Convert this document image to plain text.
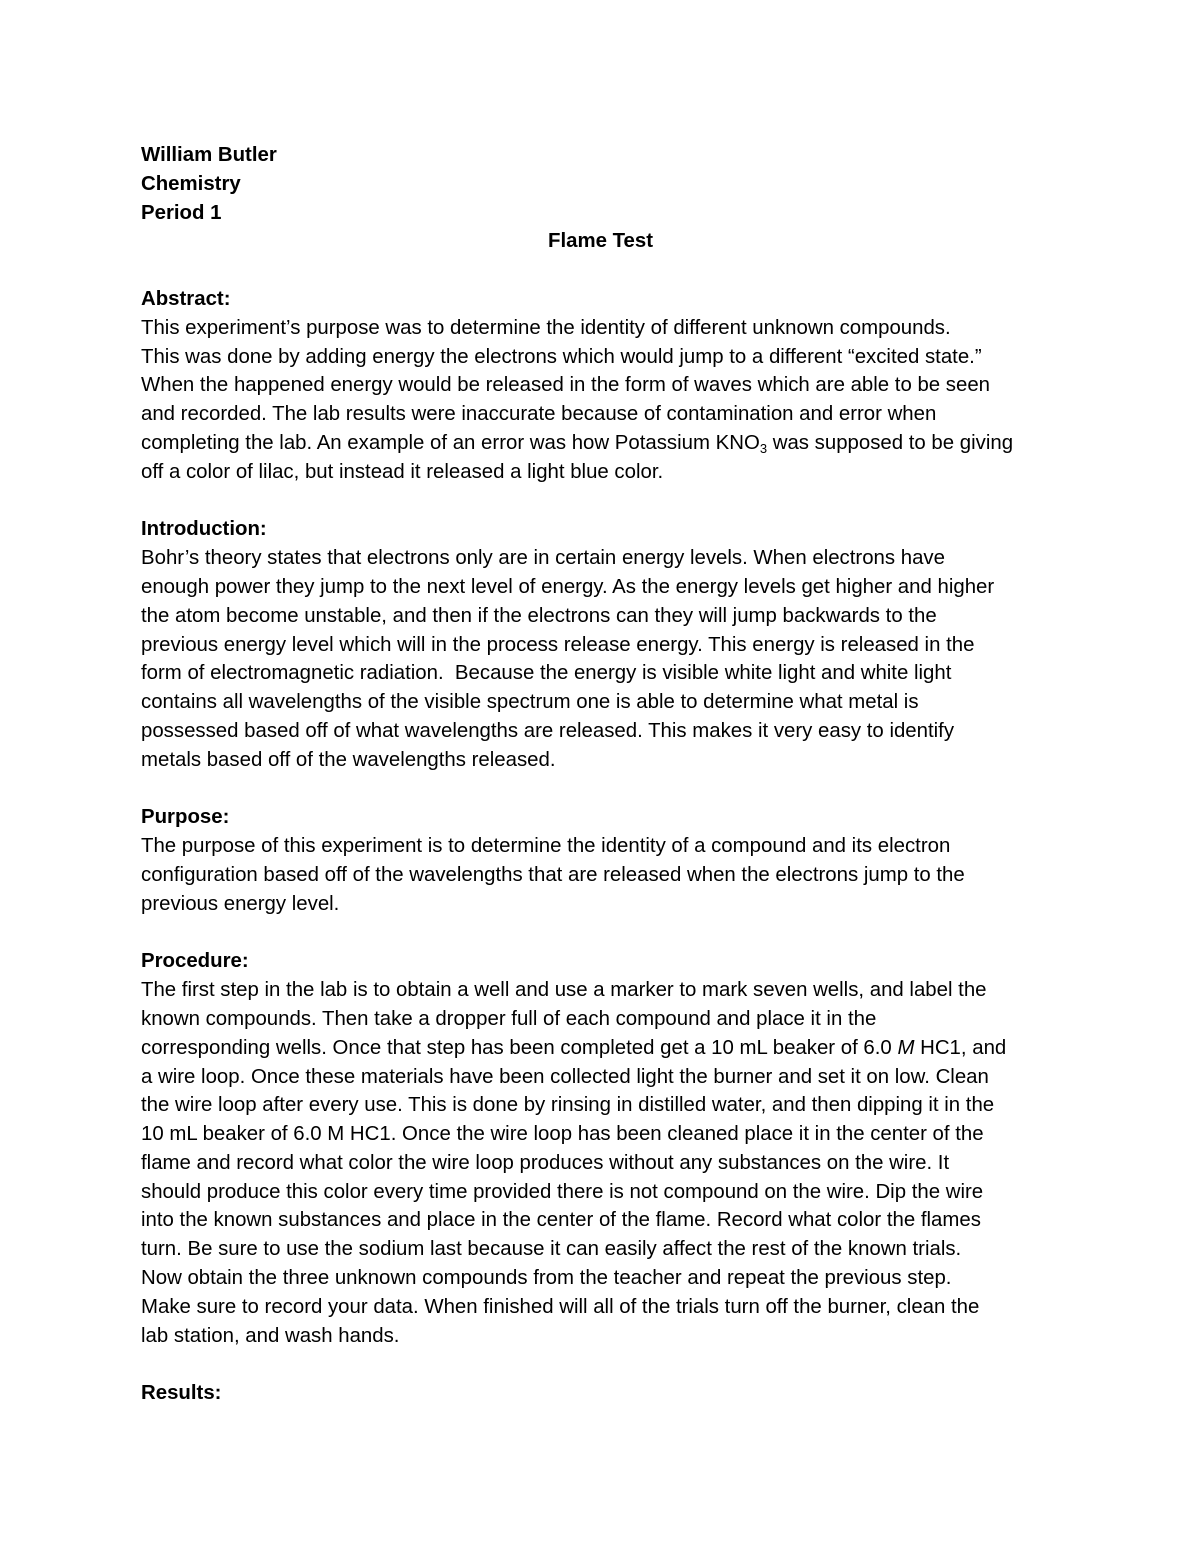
William Butler
Chemistry
Period 1
Flame Test
Abstract:
This experiment’s purpose was to determine the identity of different unknown compounds.
This was done by adding energy the electrons which would jump to a different “excited state.”
When the happened energy would be released in the form of waves which are able to be seen
and recorded. The lab results were inaccurate because of contamination and error when
completing the lab. An example of an error was how Potassium $KNO_3$ was supposed to be giving
off a color of lilac, but instead it released a light blue color.
Introduction:
Bohr’s theory states that electrons only are in certain energy levels. When electrons have
enough power they jump to the next level of energy. As the energy levels get higher and higher
the atom become unstable, and then if the electrons can they will jump backwards to the
previous energy level which will in the process release energy. This energy is released in the
form of electromagnetic radiation.  Because the energy is visible white light and white light
contains all wavelengths of the visible spectrum one is able to determine what metal is
possessed based off of what wavelengths are released. This makes it very easy to identify
metals based off of the wavelengths released.
Purpose:
The purpose of this experiment is to determine the identity of a compound and its electron
configuration based off of the wavelengths that are released when the electrons jump to the
previous energy level.
Procedure:
The first step in the lab is to obtain a well and use a marker to mark seven wells, and label the
known compounds. Then take a dropper full of each compound and place it in the
corresponding wells. Once that step has been completed get a 10 mL beaker of 6.0 M HC1, and
a wire loop. Once these materials have been collected light the burner and set it on low. Clean
the wire loop after every use. This is done by rinsing in distilled water, and then dipping it in the
10 mL beaker of 6.0 M HC1. Once the wire loop has been cleaned place it in the center of the
flame and record what color the wire loop produces without any substances on the wire. It
should produce this color every time provided there is not compound on the wire. Dip the wire
into the known substances and place in the center of the flame. Record what color the flames
turn. Be sure to use the sodium last because it can easily affect the rest of the known trials.
Now obtain the three unknown compounds from the teacher and repeat the previous step.
Make sure to record your data. When finished will all of the trials turn off the burner, clean the
lab station, and wash hands.
Results:
